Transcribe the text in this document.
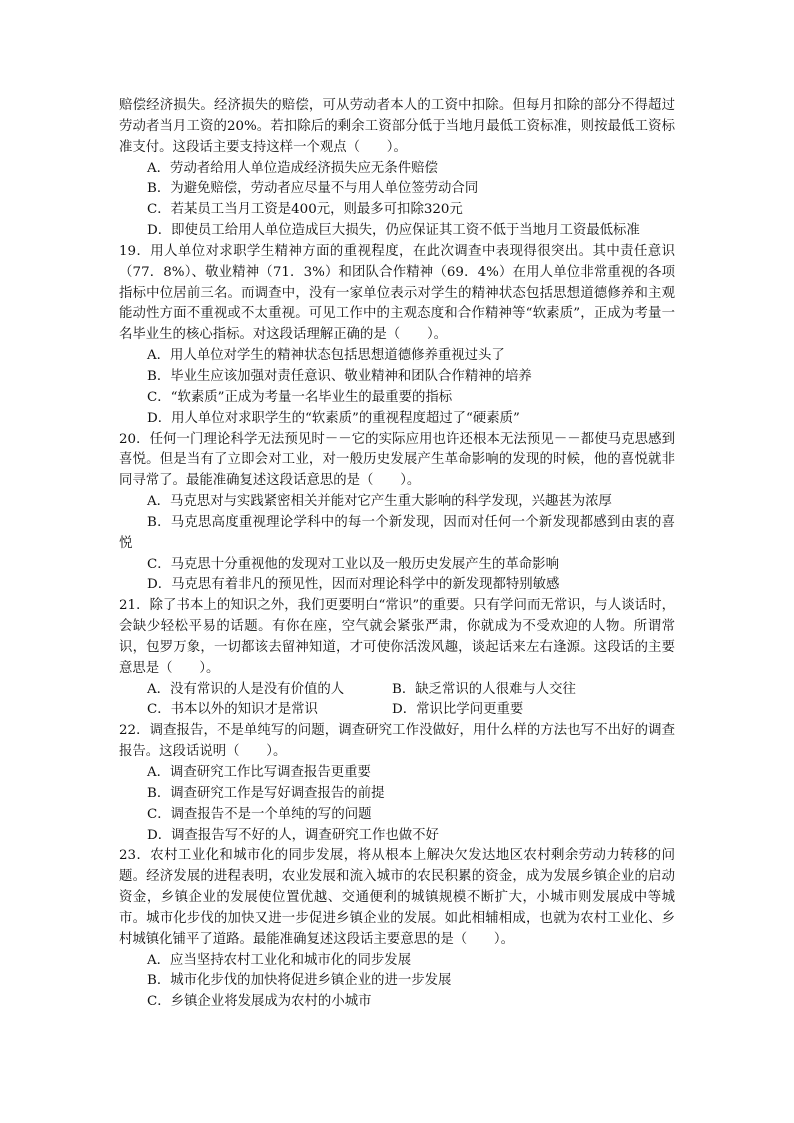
赔偿经济损失。经济损失的赔偿，可从劳动者本人的工资中扣除。但每月扣除的部分不得超过劳动者当月工资的20%。若扣除后的剩余工资部分低于当地月最低工资标准，则按最低工资标准支付。这段话主要支持这样一个观点（　　）。

A．劳动者给用人单位造成经济损失应无条件赔偿

B．为避免赔偿，劳动者应尽量不与用人单位签劳动合同

C．若某员工当月工资是400元，则最多可扣除320元

D．即使员工给用人单位造成巨大损失，仍应保证其工资不低于当地月工资最低标准

19．用人单位对求职学生精神方面的重视程度，在此次调查中表现得很突出。其中责任意识（77．8%）、敬业精神（71．3%）和团队合作精神（69．4%）在用人单位非常重视的各项指标中位居前三名。而调查中，没有一家单位表示对学生的精神状态包括思想道德修养和主观能动性方面不重视或不太重视。可见工作中的主观态度和合作精神等“软素质”，正成为考量一名毕业生的核心指标。对这段话理解正确的是（　　）。

A．用人单位对学生的精神状态包括思想道德修养重视过头了

B．毕业生应该加强对责任意识、敬业精神和团队合作精神的培养

C．“软素质”正成为考量一名毕业生的最重要的指标

D．用人单位对求职学生的“软素质”的重视程度超过了“硬素质”

20．任何一门理论科学无法预见时－－它的实际应用也许还根本无法预见－－都使马克思感到喜悦。但是当有了立即会对工业，对一般历史发展产生革命影响的发现的时候，他的喜悦就非同寻常了。最能准确复述这段话意思的是（　　）。

A．马克思对与实践紧密相关并能对它产生重大影响的科学发现，兴趣甚为浓厚

B．马克思高度重视理论学科中的每一个新发现，因而对任何一个新发现都感到由衷的喜悦

C．马克思十分重视他的发现对工业以及一般历史发展产生的革命影响

D．马克思有着非凡的预见性，因而对理论科学中的新发现都特别敏感

21．除了书本上的知识之外，我们更要明白“常识”的重要。只有学问而无常识，与人谈话时，会缺少轻松平易的话题。有你在座，空气就会紧张严肃，你就成为不受欢迎的人物。所谓常识，包罗万象，一切都该去留神知道，才可使你活泼风趣，谈起话来左右逢源。这段话的主要意思是（　　）。

A．没有常识的人是没有价值的人	B．缺乏常识的人很难与人交往
C．书本以外的知识才是常识	D．常识比学问更重要

22．调查报告，不是单纯写的问题，调查研究工作没做好，用什么样的方法也写不出好的调查报告。这段话说明（　　）。

A．调查研究工作比写调查报告更重要

B．调查研究工作是写好调查报告的前提

C．调查报告不是一个单纯的写的问题

D．调查报告写不好的人，调查研究工作也做不好

23．农村工业化和城市化的同步发展，将从根本上解决欠发达地区农村剩余劳动力转移的问题。经济发展的进程表明，农业发展和流入城市的农民积累的资金，成为发展乡镇企业的启动资金，乡镇企业的发展使位置优越、交通便利的城镇规模不断扩大，小城市则发展成中等城市。城市化步伐的加快又进一步促进乡镇企业的发展。如此相辅相成，也就为农村工业化、乡村城镇化铺平了道路。最能准确复述这段话主要意思的是（　　）。

A．应当坚持农村工业化和城市化的同步发展

B．城市化步伐的加快将促进乡镇企业的进一步发展

C．乡镇企业将发展成为农村的小城市
